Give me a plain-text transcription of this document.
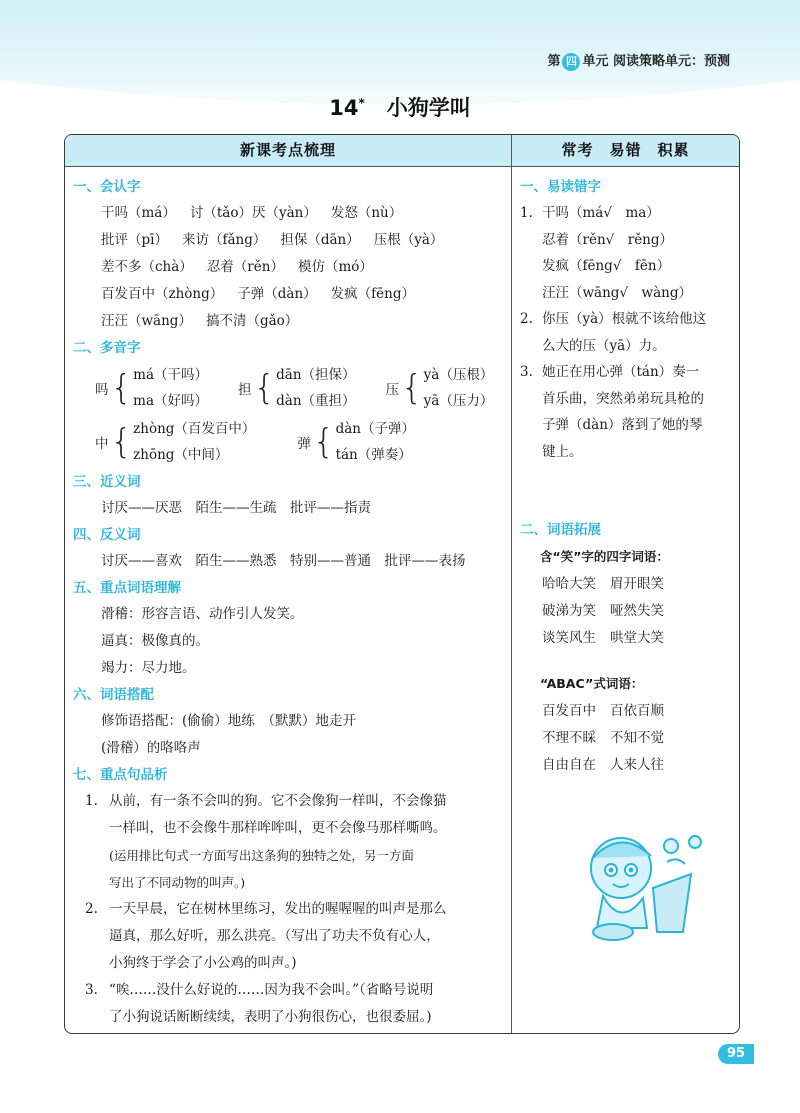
第 四 单元 阅读策略单元：预测
14* 小狗学叫
新课考点梳理
一、会认字
干吗（má） 讨（tǎo）厌（yàn） 发怒（nù）
批评（pī） 来访（fǎng） 担保（dān） 压根（yà）
差不多（chà） 忍着（rěn） 模仿（mó）
百发百中（zhòng） 子弹（dàn） 发疯（fēng）
汪汪（wāng） 搞不清（gǎo）
二、多音字
吗 { má（干吗）
ma（好吗）
担 { dān（担保）
dàn（重担）
压 { yà（压根）
yā（压力）
中 { zhòng（百发百中）
zhōng（中间）
弹 { dàn（子弹）
tán（弹奏）
三、近义词
讨厌——厌恶　陌生——生疏　批评——指责
四、反义词
讨厌——喜欢　陌生——熟悉　特别——普通　批评——表扬
五、重点词语理解
滑稽：形容言语、动作引人发笑。
逼真：极像真的。
竭力：尽力地。
六、词语搭配
修饰语搭配：(偷偷）地练　（默默）地走开
(滑稽）的咯咯声
七、重点句品析
1. 从前，有一条不会叫的狗。它不会像狗一样叫，不会像猫
一样叫，也不会像牛那样哞哞叫，更不会像马那样嘶鸣。
(运用排比句式一方面写出这条狗的独特之处，另一方面
写出了不同动物的叫声。)
2. 一天早晨，它在树林里练习，发出的喔喔喔的叫声是那么
逼真，那么好听，那么洪亮。（写出了功夫不负有心人，
小狗终于学会了小公鸡的叫声。)
3. “唉……没什么好说的……因为我不会叫。”（省略号说明
了小狗说话断断续续，表明了小狗很伤心，也很委屈。)
常考　易错　积累
一、易读错字
1. 干吗（má√　ma）
忍着（rěn√　rěng）
发疯（fēng√　fēn）
汪汪（wāng√　wàng）
2. 你压（yà）根就不该给他这
么大的压（yā）力。
3. 她正在用心弹（tán）奏一
首乐曲，突然弟弟玩具枪的
子弹（dàn）落到了她的琴
键上。
二、词语拓展
含“笑”字的四字词语：
哈哈大笑 眉开眼笑
破涕为笑 哑然失笑
谈笑风生 哄堂大笑
“ABAC”式词语：
百发百中 百依百顺
不理不睬 不知不觉
自由自在 人来人往
95
